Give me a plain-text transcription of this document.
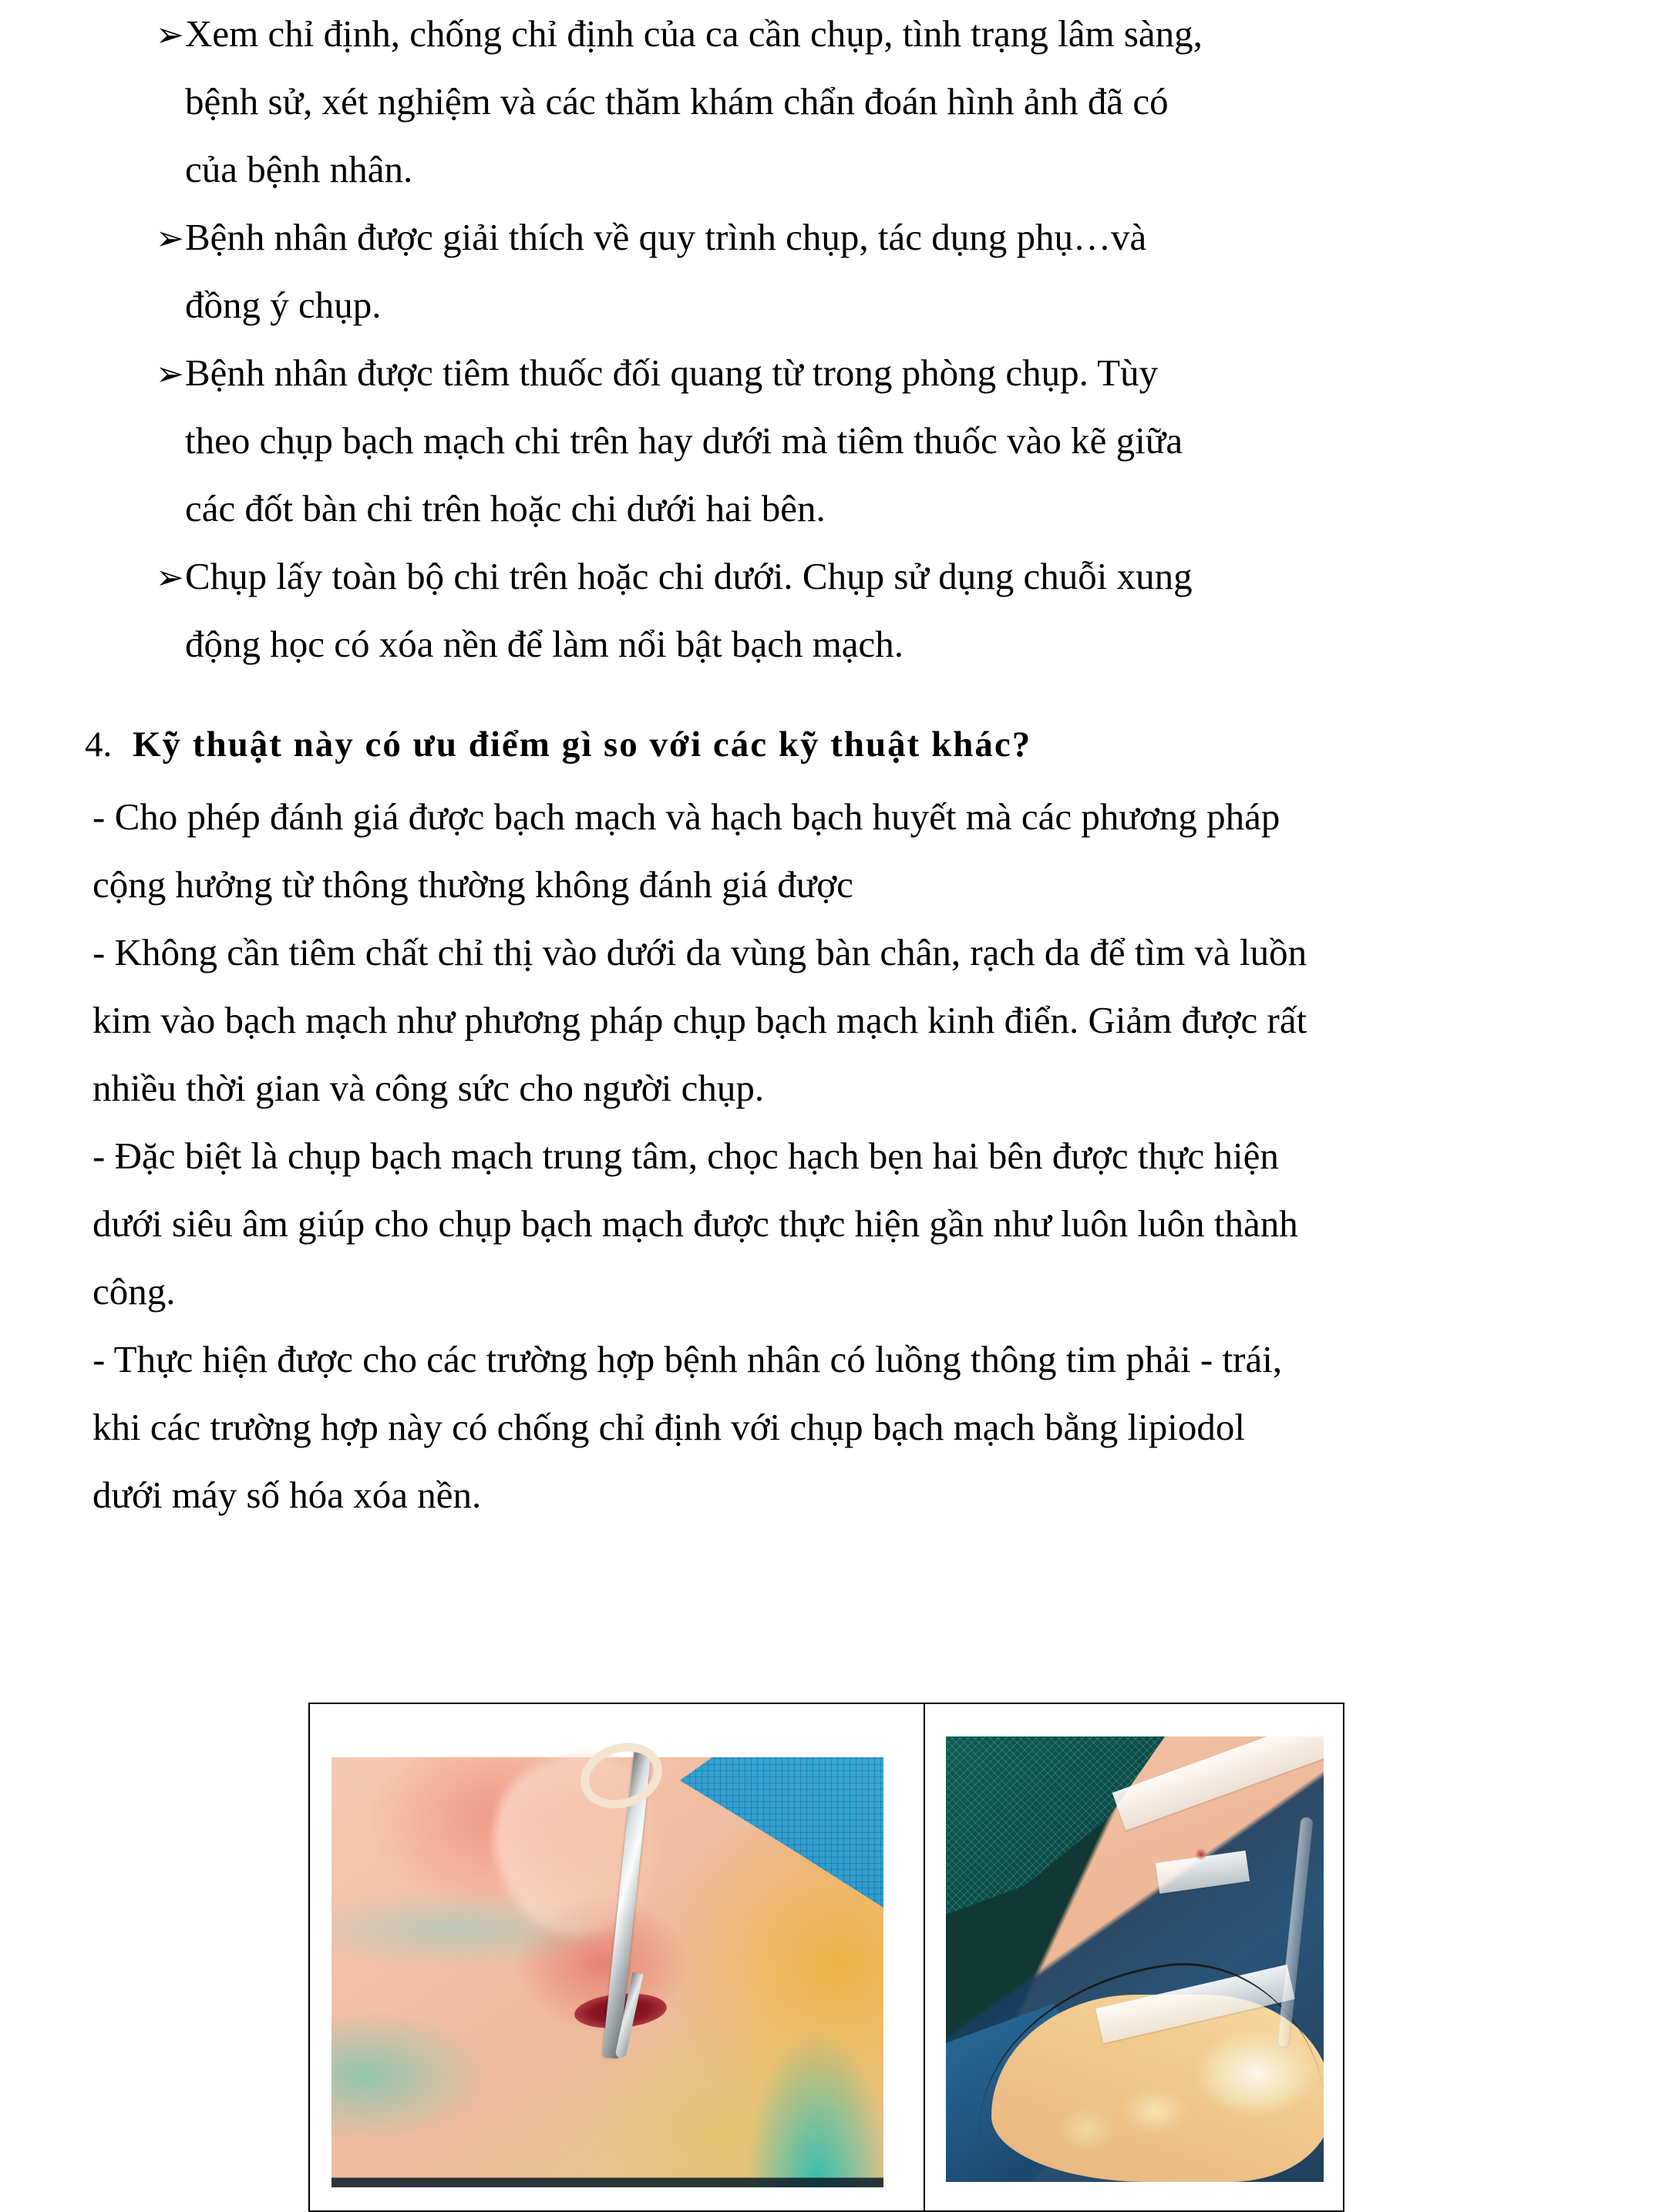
➢ Xem chỉ định, chống chỉ định của ca cần chụp, tình trạng lâm sàng,
bệnh sử, xét nghiệm và các thăm khám chẩn đoán hình ảnh đã có
của bệnh nhân.
➢ Bệnh nhân được giải thích về quy trình chụp, tác dụng phụ…và
đồng ý chụp.
➢ Bệnh nhân được tiêm thuốc đối quang từ trong phòng chụp. Tùy
theo chụp bạch mạch chi trên hay dưới mà tiêm thuốc vào kẽ giữa
các đốt bàn chi trên hoặc chi dưới hai bên.
➢ Chụp lấy toàn bộ chi trên hoặc chi dưới. Chụp sử dụng chuỗi xung
động học có xóa nền để làm nổi bật bạch mạch.
4. Kỹ thuật này có ưu điểm gì so với các kỹ thuật khác?
- Cho phép đánh giá được bạch mạch và hạch bạch huyết mà các phương pháp
cộng hưởng từ thông thường không đánh giá được
- Không cần tiêm chất chỉ thị vào dưới da vùng bàn chân, rạch da để tìm và luồn
kim vào bạch mạch như phương pháp chụp bạch mạch kinh điển. Giảm được rất
nhiều thời gian và công sức cho người chụp.
- Đặc biệt là chụp bạch mạch trung tâm, chọc hạch bẹn hai bên được thực hiện
dưới siêu âm giúp cho chụp bạch mạch được thực hiện gần như luôn luôn thành
công.
- Thực hiện được cho các trường hợp bệnh nhân có luồng thông tim phải - trái,
khi các trường hợp này có chống chỉ định với chụp bạch mạch bằng lipiodol
dưới máy số hóa xóa nền.
